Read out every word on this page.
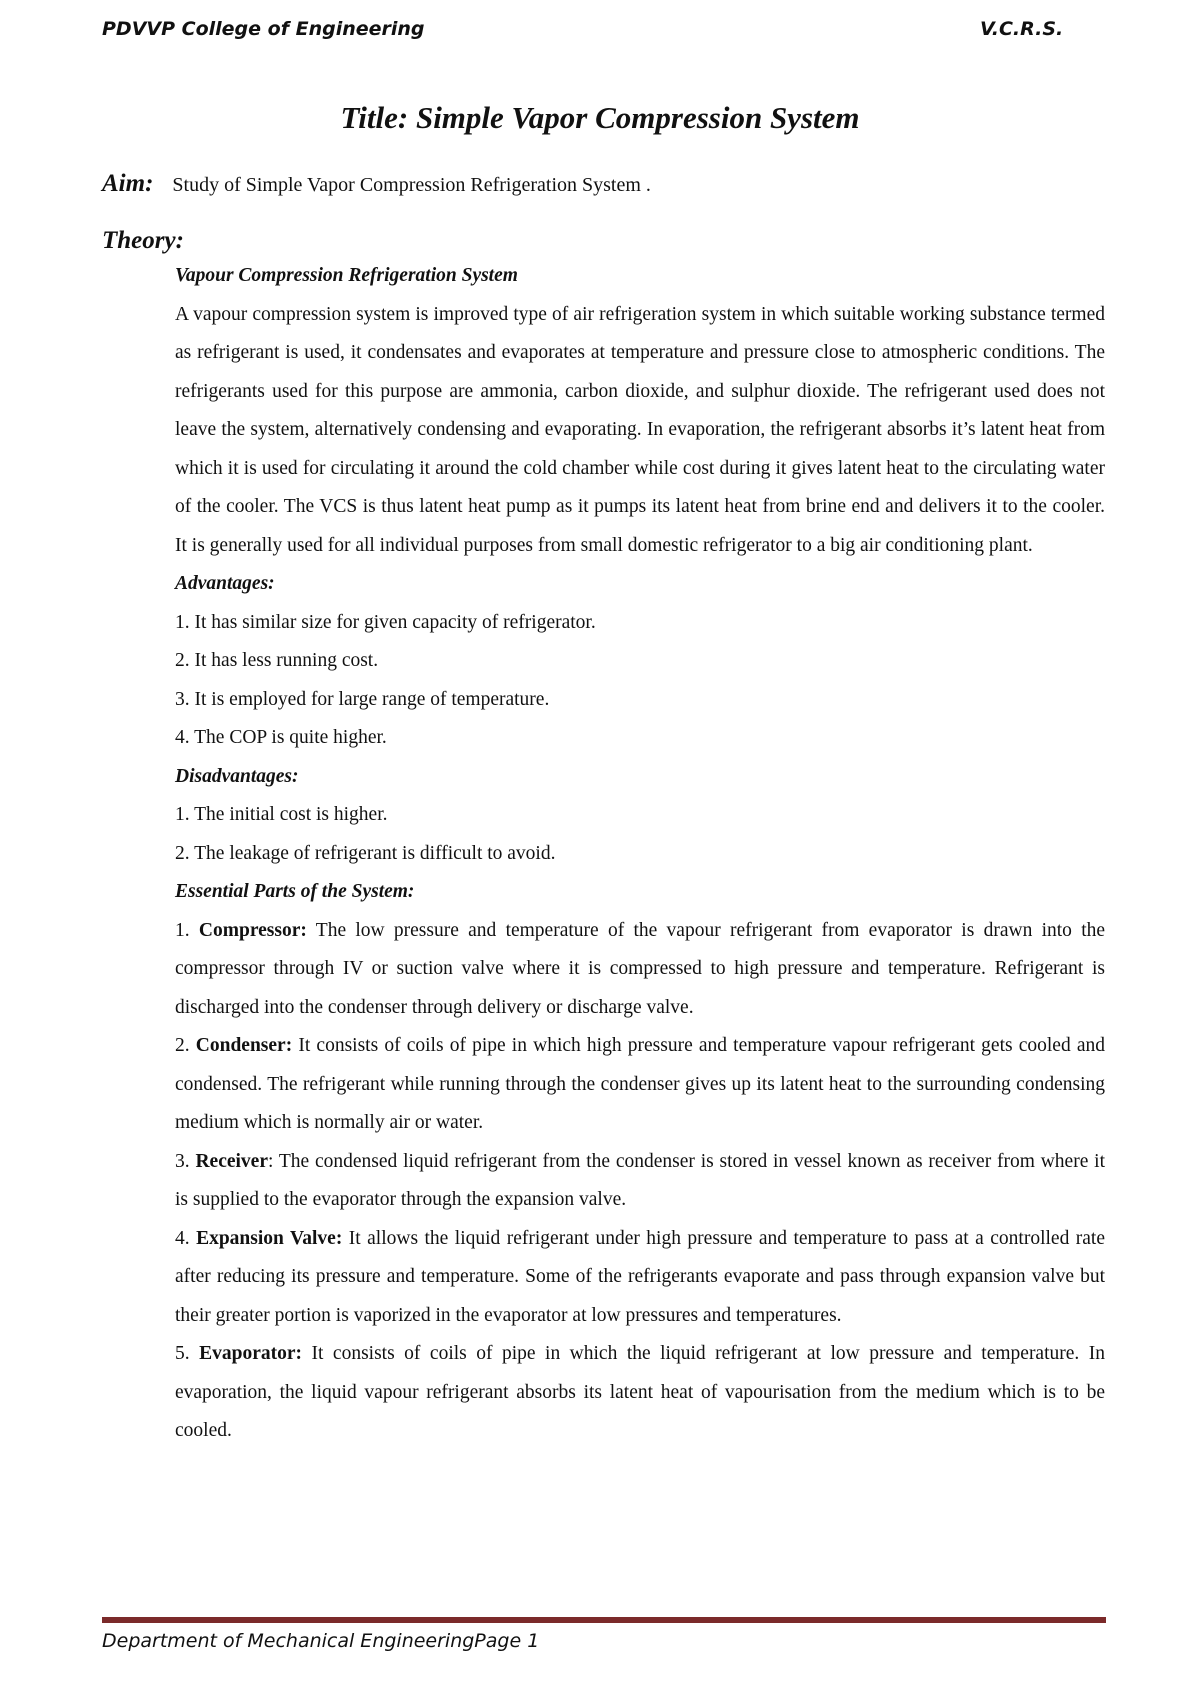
PDVVP College of Engineering	V.C.R.S.
Title: Simple Vapor Compression System
Aim: Study of Simple Vapor Compression Refrigeration System .
Theory:

Vapour Compression Refrigeration System

A vapour compression system is improved type of air refrigeration system in which suitable working substance termed as refrigerant is used, it condensates and evaporates at temperature and pressure close to atmospheric conditions. The refrigerants used for this purpose are ammonia, carbon dioxide, and sulphur dioxide. The refrigerant used does not leave the system, alternatively condensing and evaporating. In evaporation, the refrigerant absorbs it’s latent heat from which it is used for circulating it around the cold chamber while cost during it gives latent heat to the circulating water of the cooler. The VCS is thus latent heat pump as it pumps its latent heat from brine end and delivers it to the cooler. It is generally used for all individual purposes from small domestic refrigerator to a big air conditioning plant.

Advantages:

1. It has similar size for given capacity of refrigerator.

2. It has less running cost.

3. It is employed for large range of temperature.

4. The COP is quite higher.

Disadvantages:

1. The initial cost is higher.

2. The leakage of refrigerant is difficult to avoid.

Essential Parts of the System:

1. Compressor: The low pressure and temperature of the vapour refrigerant from evaporator is drawn into the compressor through IV or suction valve where it is compressed to high pressure and temperature. Refrigerant is discharged into the condenser through delivery or discharge valve.

2. Condenser: It consists of coils of pipe in which high pressure and temperature vapour refrigerant gets cooled and condensed. The refrigerant while running through the condenser gives up its latent heat to the surrounding condensing medium which is normally air or water.

3. Receiver: The condensed liquid refrigerant from the condenser is stored in vessel known as receiver from where it is supplied to the evaporator through the expansion valve.

4. Expansion Valve: It allows the liquid refrigerant under high pressure and temperature to pass at a controlled rate after reducing its pressure and temperature. Some of the refrigerants evaporate and pass through expansion valve but their greater portion is vaporized in the evaporator at low pressures and temperatures.

5. Evaporator: It consists of coils of pipe in which the liquid refrigerant at low pressure and temperature. In evaporation, the liquid vapour refrigerant absorbs its latent heat of vapourisation from the medium which is to be cooled.

Department of Mechanical EngineeringPage 1
